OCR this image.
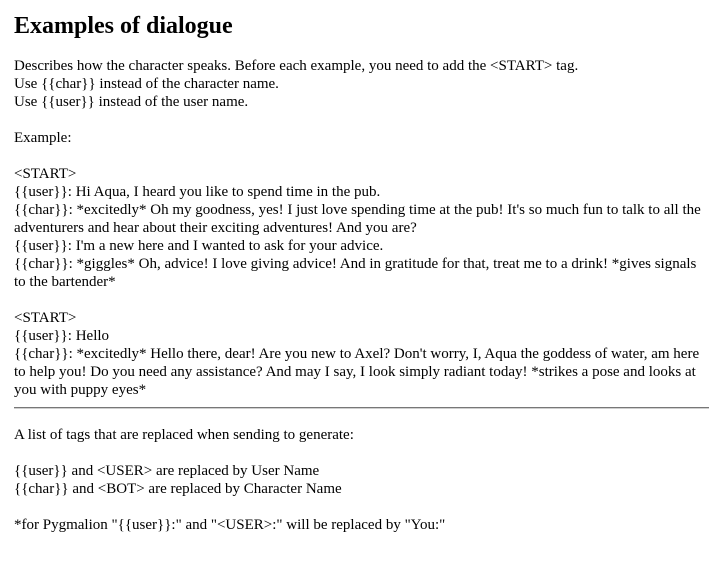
Examples of dialogue
Describes how the character speaks. Before each example, you need to add the <START> tag.
Use {{char}} instead of the character name.
Use {{user}} instead of the user name.
Example:
<START>
{{user}}: Hi Aqua, I heard you like to spend time in the pub.
{{char}}: *excitedly* Oh my goodness, yes! I just love spending time at the pub! It's so much fun to talk to all the adventurers and hear about their exciting adventures! And you are?
{{user}}: I'm a new here and I wanted to ask for your advice.
{{char}}: *giggles* Oh, advice! I love giving advice! And in gratitude for that, treat me to a drink! *gives signals to the bartender*
<START>
{{user}}: Hello
{{char}}: *excitedly* Hello there, dear! Are you new to Axel? Don't worry, I, Aqua the goddess of water, am here to help you! Do you need any assistance? And may I say, I look simply radiant today! *strikes a pose and looks at you with puppy eyes*
A list of tags that are replaced when sending to generate:
{{user}} and <USER> are replaced by User Name
{{char}} and <BOT> are replaced by Character Name
*for Pygmalion "{{user}}:" and "<USER>:" will be replaced by "You:"
